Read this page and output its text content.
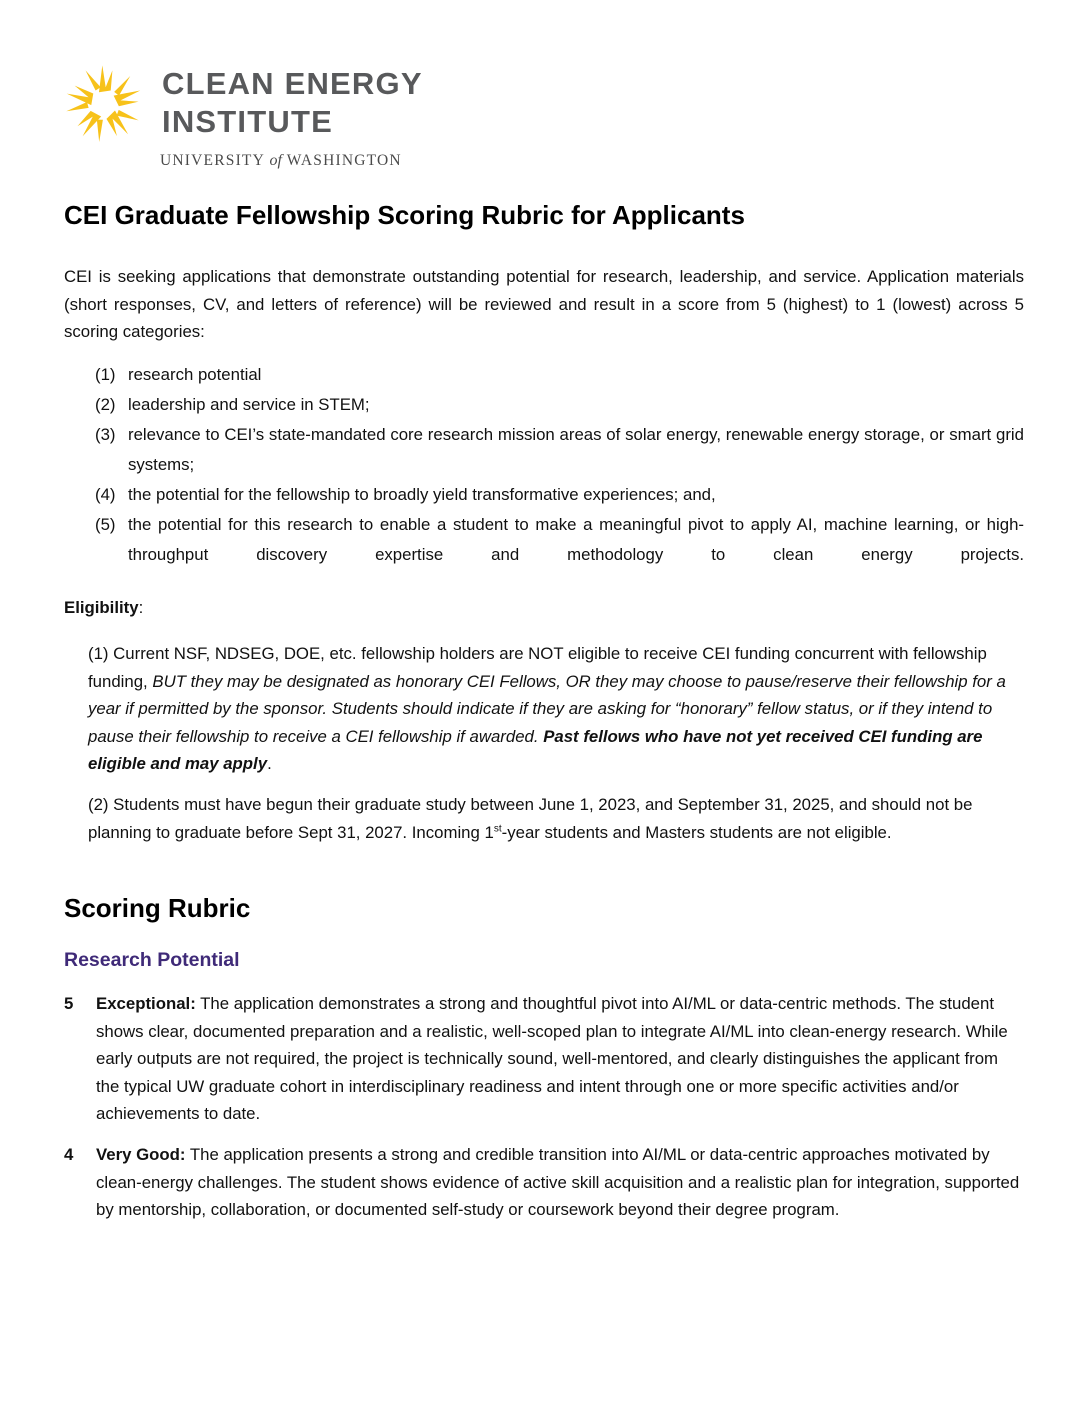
CLEAN ENERGY
INSTITUTE
UNIVERSITY of WASHINGTON
CEI Graduate Fellowship Scoring Rubric for Applicants

CEI is seeking applications that demonstrate outstanding potential for research, leadership, and service. Application materials (short responses, CV, and letters of reference) will be reviewed and result in a score from 5 (highest) to 1 (lowest) across 5 scoring categories:

(1) research potential
(2) leadership and service in STEM;
(3) relevance to CEI’s state-mandated core research mission areas of solar energy, renewable energy storage, or smart grid systems;
(4) the potential for the fellowship to broadly yield transformative experiences; and,
(5) the potential for this research to enable a student to make a meaningful pivot to apply AI, machine learning, or high-throughput discovery expertise and methodology to clean energy projects.
Eligibility:

(1) Current NSF, NDSEG, DOE, etc. fellowship holders are NOT eligible to receive CEI funding concurrent with fellowship funding, BUT they may be designated as honorary CEI Fellows, OR they may choose to pause/reserve their fellowship for a year if permitted by the sponsor. Students should indicate if they are asking for “honorary” fellow status, or if they intend to pause their fellowship to receive a CEI fellowship if awarded. Past fellows who have not yet received CEI funding are eligible and may apply.

(2) Students must have begun their graduate study between June 1, 2023, and September 31, 2025, and should not be planning to graduate before Sept 31, 2027. Incoming 1st-year students and Masters students are not eligible.

Scoring Rubric
Research Potential
5 Exceptional: The application demonstrates a strong and thoughtful pivot into AI/ML or data-centric methods. The student shows clear, documented preparation and a realistic, well-scoped plan to integrate AI/ML into clean-energy research. While early outputs are not required, the project is technically sound, well-mentored, and clearly distinguishes the applicant from the typical UW graduate cohort in interdisciplinary readiness and intent through one or more specific activities and/or achievements to date.
4 Very Good: The application presents a strong and credible transition into AI/ML or data-centric approaches motivated by clean-energy challenges. The student shows evidence of active skill acquisition and a realistic plan for integration, supported by mentorship, collaboration, or documented self-study or coursework beyond their degree program.
